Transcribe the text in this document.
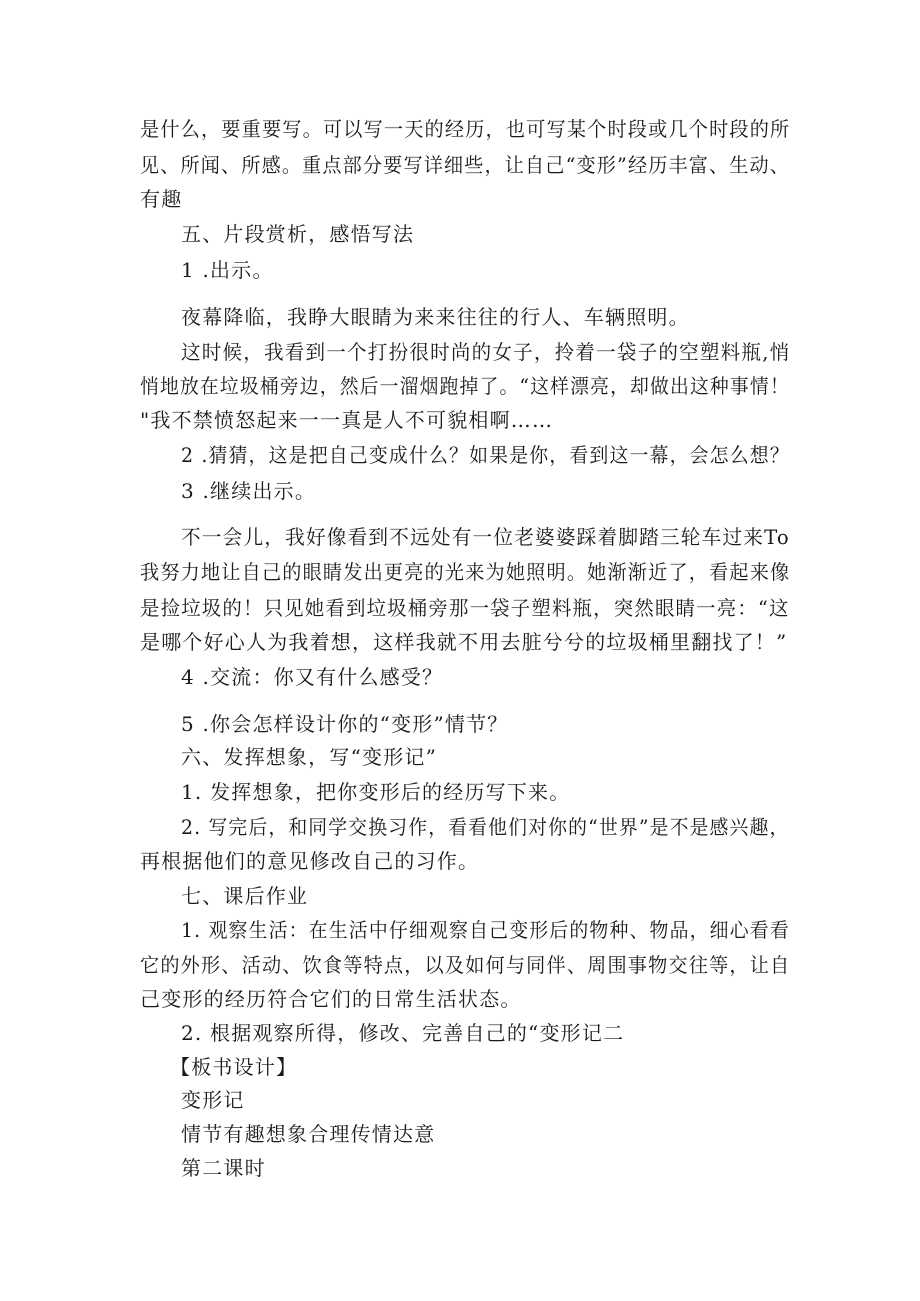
是什么，要重要写。可以写一天的经历，也可写某个时段或几个时段的所
见、所闻、所感。重点部分要写详细些，让自己“变形”经历丰富、生动、
有趣
五、片段赏析，感悟写法
1 .出示。
夜幕降临，我睁大眼睛为来来往往的行人、车辆照明。
这时候，我看到一个打扮很时尚的女子，拎着一袋子的空塑料瓶,悄
悄地放在垃圾桶旁边，然后一溜烟跑掉了。“这样漂亮，却做出这种事情！
"我不禁愤怒起来一一真是人不可貌相啊……
2 .猜猜，这是把自己变成什么？如果是你，看到这一幕，会怎么想？
3 .继续出示。
不一会儿，我好像看到不远处有一位老婆婆踩着脚踏三轮车过来To
我努力地让自己的眼睛发出更亮的光来为她照明。她渐渐近了，看起来像
是捡垃圾的！只见她看到垃圾桶旁那一袋子塑料瓶，突然眼睛一亮：“这
是哪个好心人为我着想，这样我就不用去脏兮兮的垃圾桶里翻找了！”
4 .交流：你又有什么感受？
5 .你会怎样设计你的“变形”情节？
六、发挥想象，写“变形记”
1. 发挥想象，把你变形后的经历写下来。
2. 写完后，和同学交换习作，看看他们对你的“世界”是不是感兴趣，
再根据他们的意见修改自己的习作。
七、课后作业
1. 观察生活：在生活中仔细观察自己变形后的物种、物品，细心看看
它的外形、活动、饮食等特点，以及如何与同伴、周围事物交往等，让自
己变形的经历符合它们的日常生活状态。
2. 根据观察所得，修改、完善自己的“变形记二
【板书设计】
变形记
情节有趣想象合理传情达意
第二课时
